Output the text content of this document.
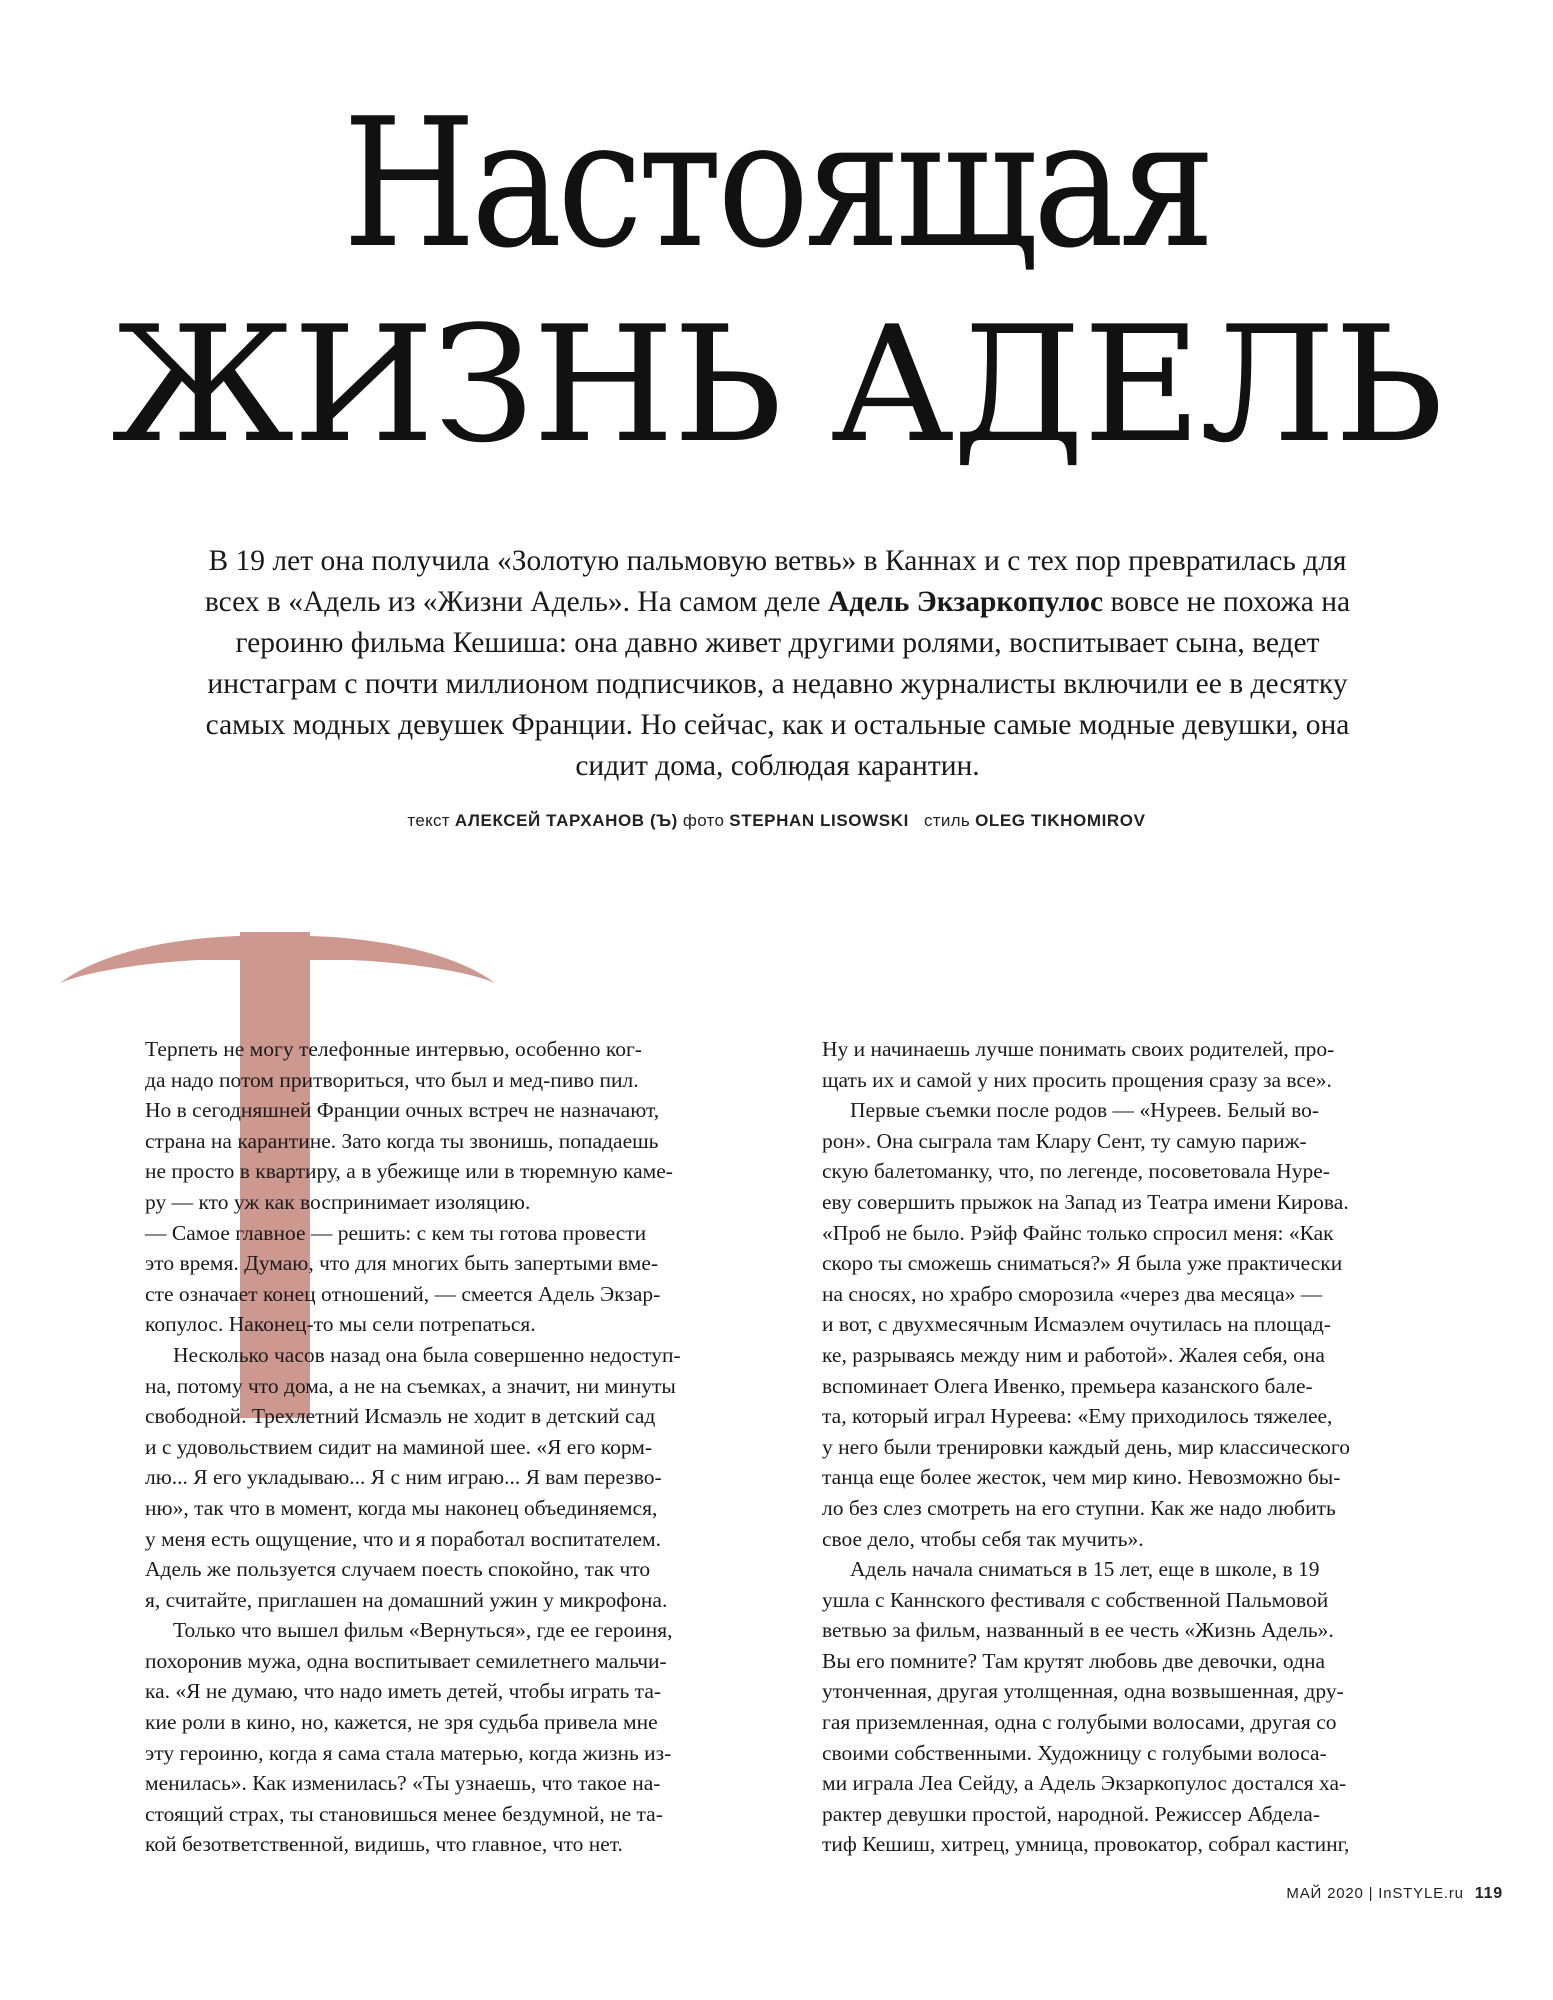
Настоящая
ЖИЗНЬ АДЕЛЬ
В 19 лет она получила «Золотую пальмовую ветвь» в Каннах и с тех пор превратилась для
всех в «Адель из «Жизни Адель». На самом деле Адель Экзаркопулос вовсе не похожа на
героиню фильма Кешиша: она давно живет другими ролями, воспитывает сына, ведет
инстаграм с почти миллионом подписчиков, а недавно журналисты включили ее в десятку
самых модных девушек Франции. Но сейчас, как и остальные самые модные девушки, она
сидит дома, соблюдая карантин.
текст АЛЕКСЕЙ ТАРХАНОВ (Ъ) фото STEPHAN LISOWSKI стиль OLEG TIKHOMIROV
Терпеть не могу телефонные интервью, особенно ког-
да надо потом притвориться, что был и мед-пиво пил.
Но в сегодняшней Франции очных встреч не назначают,
страна на карантине. Зато когда ты звонишь, попадаешь
не просто в квартиру, а в убежище или в тюремную каме-
ру — кто уж как воспринимает изоляцию.
— Самое главное — решить: с кем ты готова провести
это время. Думаю, что для многих быть запертыми вме-
сте означает конец отношений, — смеется Адель Экзар-
копулос. Наконец-то мы сели потрепаться.
Несколько часов назад она была совершенно недоступ-
на, потому что дома, а не на съемках, а значит, ни минуты
свободной. Трехлетний Исмаэль не ходит в детский сад
и с удовольствием сидит на маминой шее. «Я его корм-
лю... Я его укладываю... Я с ним играю... Я вам перезво-
ню», так что в момент, когда мы наконец объединяемся,
у меня есть ощущение, что и я поработал воспитателем.
Адель же пользуется случаем поесть спокойно, так что
я, считайте, приглашен на домашний ужин у микрофона.
Только что вышел фильм «Вернуться», где ее героиня,
похоронив мужа, одна воспитывает семилетнего мальчи-
ка. «Я не думаю, что надо иметь детей, чтобы играть та-
кие роли в кино, но, кажется, не зря судьба привела мне
эту героиню, когда я сама стала матерью, когда жизнь из-
менилась». Как изменилась? «Ты узнаешь, что такое на-
стоящий страх, ты становишься менее бездумной, не та-
кой безответственной, видишь, что главное, что нет.
Ну и начинаешь лучше понимать своих родителей, про-
щать их и самой у них просить прощения сразу за все».
Первые съемки после родов — «Нуреев. Белый во-
рон». Она сыграла там Клару Сент, ту самую париж-
скую балетоманку, что, по легенде, посоветовала Нуре-
еву совершить прыжок на Запад из Театра имени Кирова.
«Проб не было. Рэйф Файнс только спросил меня: «Как
скоро ты сможешь сниматься?» Я была уже практически
на сносях, но храбро сморозила «через два месяца» —
и вот, с двухмесячным Исмаэлем очутилась на площад-
ке, разрываясь между ним и работой». Жалея себя, она
вспоминает Олега Ивенко, премьера казанского бале-
та, который играл Нуреева: «Ему приходилось тяжелее,
у него были тренировки каждый день, мир классического
танца еще более жесток, чем мир кино. Невозможно бы-
ло без слез смотреть на его ступни. Как же надо любить
свое дело, чтобы себя так мучить».
Адель начала сниматься в 15 лет, еще в школе, в 19
ушла с Каннского фестиваля с собственной Пальмовой
ветвью за фильм, названный в ее честь «Жизнь Адель».
Вы его помните? Там крутят любовь две девочки, одна
утонченная, другая утолщенная, одна возвышенная, дру-
гая приземленная, одна с голубыми волосами, другая со
своими собственными. Художницу с голубыми волоса-
ми играла Леа Сейду, а Адель Экзаркопулос достался ха-
рактер девушки простой, народной. Режиссер Абдела-
тиф Кешиш, хитрец, умница, провокатор, собрал кастинг,
МАЙ 2020 | InSTYLE.ru 119
